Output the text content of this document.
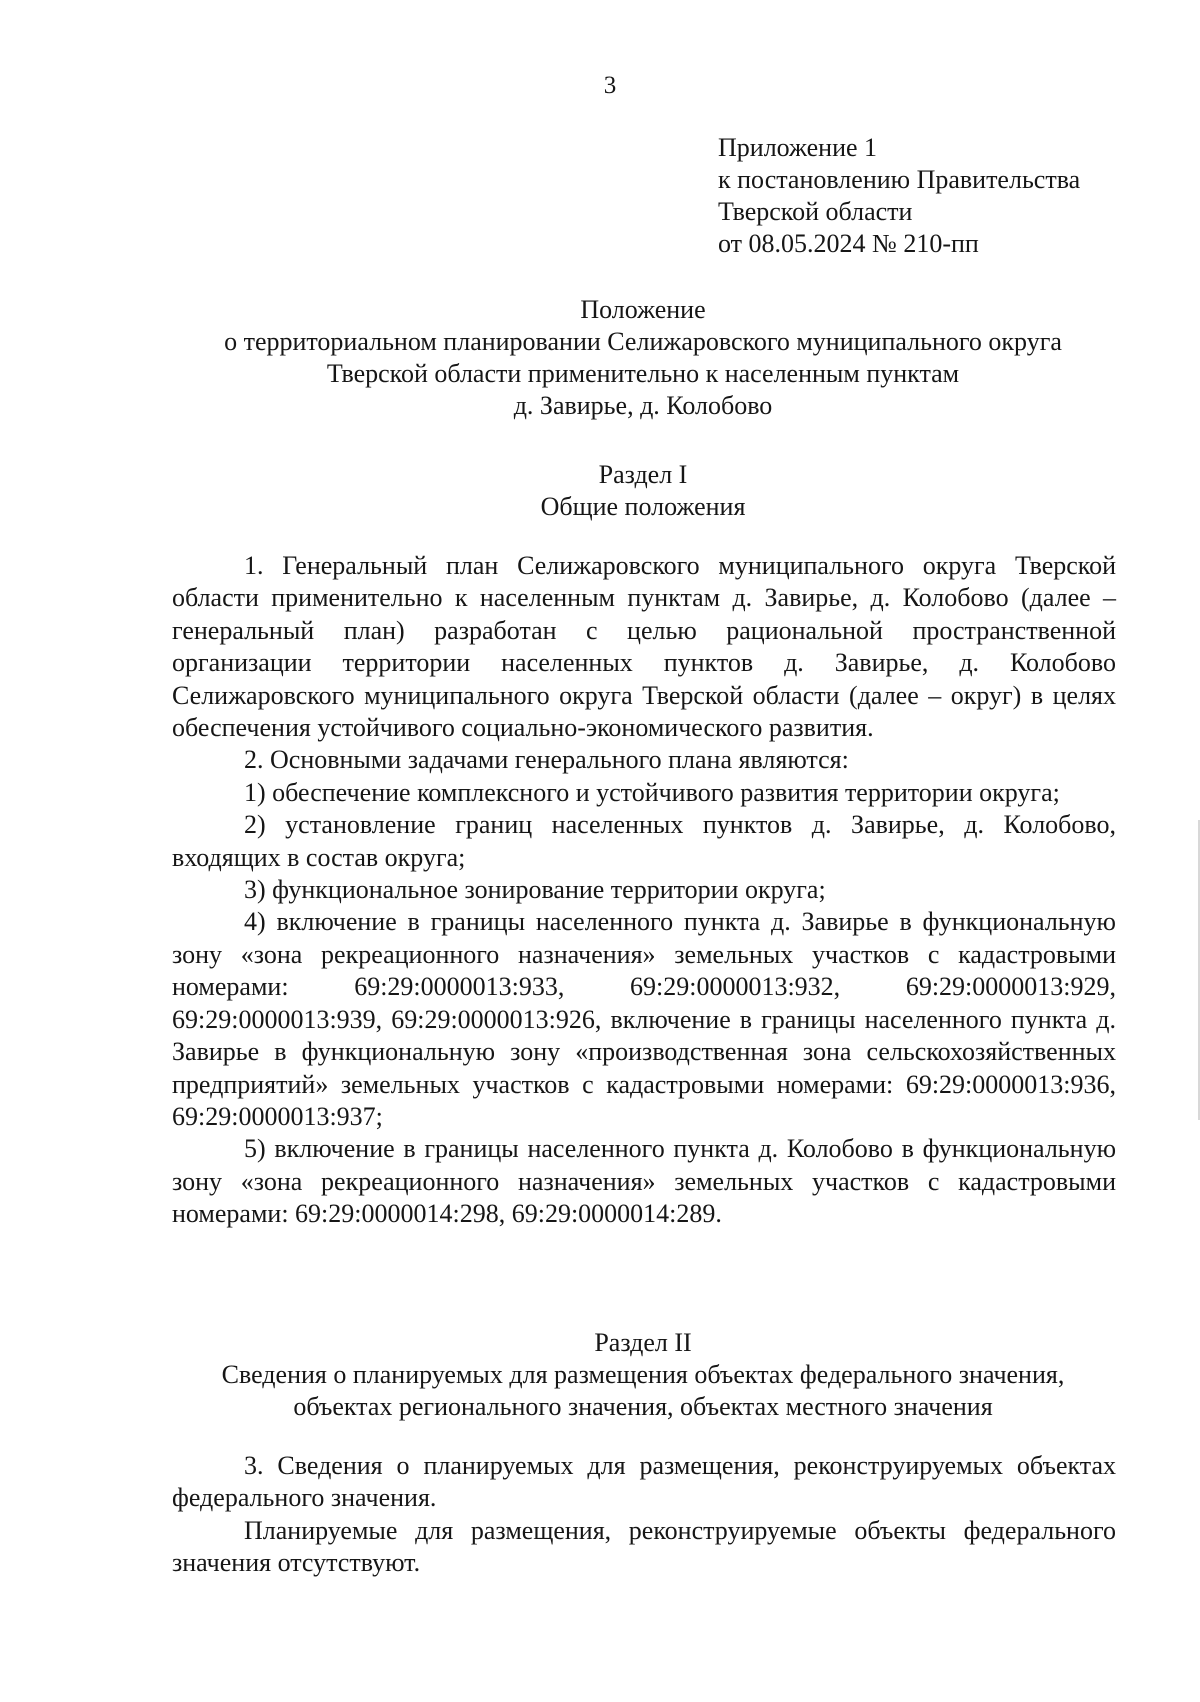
3

Приложение 1
к постановлению Правительства
Тверской области
от 08.05.2024 № 210-пп
Положение
о территориальном планировании Селижаровского муниципального округа
Тверской области применительно к населенным пунктам
д. Завирье, д. Колобово
Раздел I
Общие положения

1. Генеральный план Селижаровского муниципального округа Тверской области применительно к населенным пунктам д. Завирье, д. Колобово (далее – генеральный план) разработан с целью рациональной пространственной организации территории населенных пунктов д. Завирье, д. Колобово Селижаровского муниципального округа Тверской области (далее – округ) в целях обеспечения устойчивого социально-экономического развития.

2. Основными задачами генерального плана являются:

1) обеспечение комплексного и устойчивого развития территории округа;

2) установление границ населенных пунктов д. Завирье, д. Колобово, входящих в состав округа;

3) функциональное зонирование территории округа;

4) включение в границы населенного пункта д. Завирье в функциональную зону «зона рекреационного назначения» земельных участков с кадастровыми номерами: 69:29:0000013:933, 69:29:0000013:932, 69:29:0000013:929, 69:29:0000013:939, 69:29:0000013:926, включение в границы населенного пункта д. Завирье в функциональную зону «производственная зона сельскохозяйственных предприятий» земельных участков с кадастровыми номерами: 69:29:0000013:936, 69:29:0000013:937;

5) включение в границы населенного пункта д. Колобово в функциональную зону «зона рекреационного назначения» земельных участков с кадастровыми номерами: 69:29:0000014:298, 69:29:0000014:289.

Раздел II
Сведения о планируемых для размещения объектах федерального значения,
объектах регионального значения, объектах местного значения

3. Сведения о планируемых для размещения, реконструируемых объектах федерального значения.

Планируемые для размещения, реконструируемые объекты федерального значения отсутствуют.
